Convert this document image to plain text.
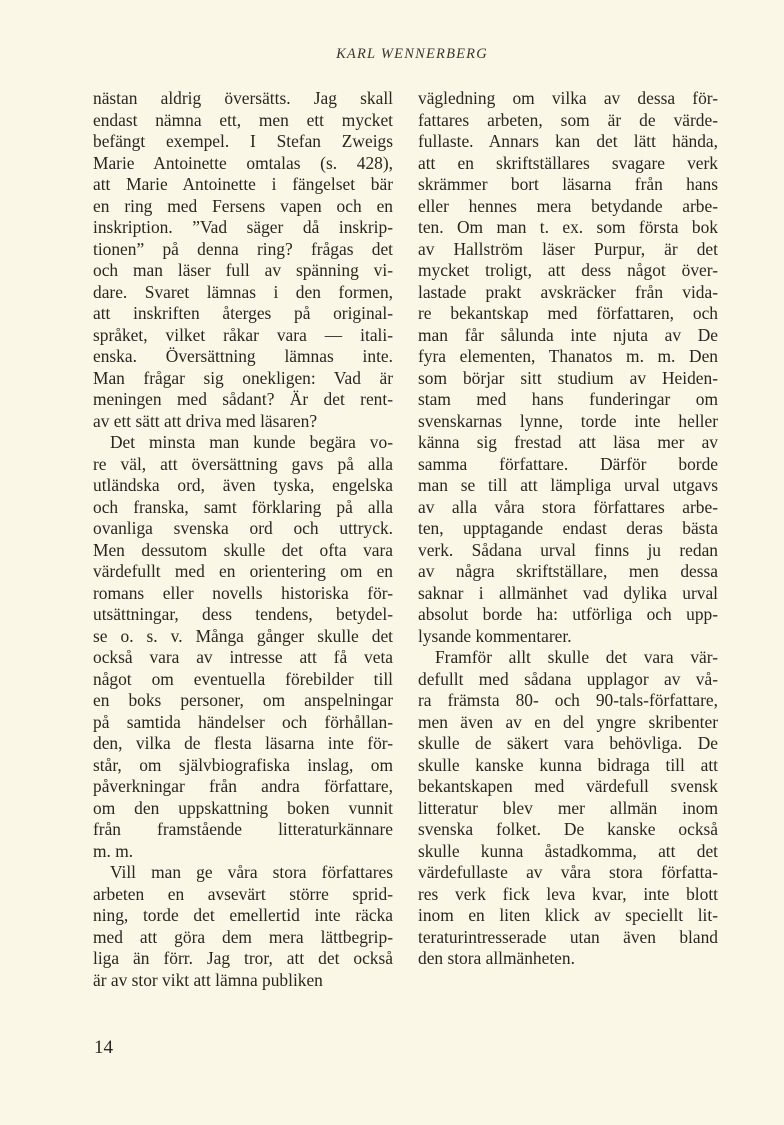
KARL WENNERBERG
nästan aldrig översätts. Jag skall
endast nämna ett, men ett mycket
befängt exempel. I Stefan Zweigs
Marie Antoinette omtalas (s. 428),
att Marie Antoinette i fängelset bär
en ring med Fersens vapen och en
inskription. ”Vad säger då inskrip-
tionen” på denna ring? frågas det
och man läser full av spänning vi-
dare. Svaret lämnas i den formen,
att inskriften återges på original-
språket, vilket råkar vara — itali-
enska. Översättning lämnas inte.
Man frågar sig onekligen: Vad är
meningen med sådant? Är det rent-
av ett sätt att driva med läsaren?
Det minsta man kunde begära vo-
re väl, att översättning gavs på alla
utländska ord, även tyska, engelska
och franska, samt förklaring på alla
ovanliga svenska ord och uttryck.
Men dessutom skulle det ofta vara
värdefullt med en orientering om en
romans eller novells historiska för-
utsättningar, dess tendens, betydel-
se o. s. v. Många gånger skulle det
också vara av intresse att få veta
något om eventuella förebilder till
en boks personer, om anspelningar
på samtida händelser och förhållan-
den, vilka de flesta läsarna inte för-
står, om självbiografiska inslag, om
påverkningar från andra författare,
om den uppskattning boken vunnit
från framstående litteraturkännare
m. m.
Vill man ge våra stora författares
arbeten en avsevärt större sprid-
ning, torde det emellertid inte räcka
med att göra dem mera lättbegrip-
liga än förr. Jag tror, att det också
är av stor vikt att lämna publiken
vägledning om vilka av dessa för-
fattares arbeten, som är de värde-
fullaste. Annars kan det lätt hända,
att en skriftställares svagare verk
skrämmer bort läsarna från hans
eller hennes mera betydande arbe-
ten. Om man t. ex. som första bok
av Hallström läser Purpur, är det
mycket troligt, att dess något över-
lastade prakt avskräcker från vida-
re bekantskap med författaren, och
man får sålunda inte njuta av De
fyra elementen, Thanatos m. m. Den
som börjar sitt studium av Heiden-
stam med hans funderingar om
svenskarnas lynne, torde inte heller
känna sig frestad att läsa mer av
samma författare. Därför borde
man se till att lämpliga urval utgavs
av alla våra stora författares arbe-
ten, upptagande endast deras bästa
verk. Sådana urval finns ju redan
av några skriftställare, men dessa
saknar i allmänhet vad dylika urval
absolut borde ha: utförliga och upp-
lysande kommentarer.
Framför allt skulle det vara vär-
defullt med sådana upplagor av vå-
ra främsta 80- och 90-tals-författare,
men även av en del yngre skribenter
skulle de säkert vara behövliga. De
skulle kanske kunna bidraga till att
bekantskapen med värdefull svensk
litteratur blev mer allmän inom
svenska folket. De kanske också
skulle kunna åstadkomma, att det
värdefullaste av våra stora författa-
res verk fick leva kvar, inte blott
inom en liten klick av speciellt lit-
teraturintresserade utan även bland
den stora allmänheten.
14
